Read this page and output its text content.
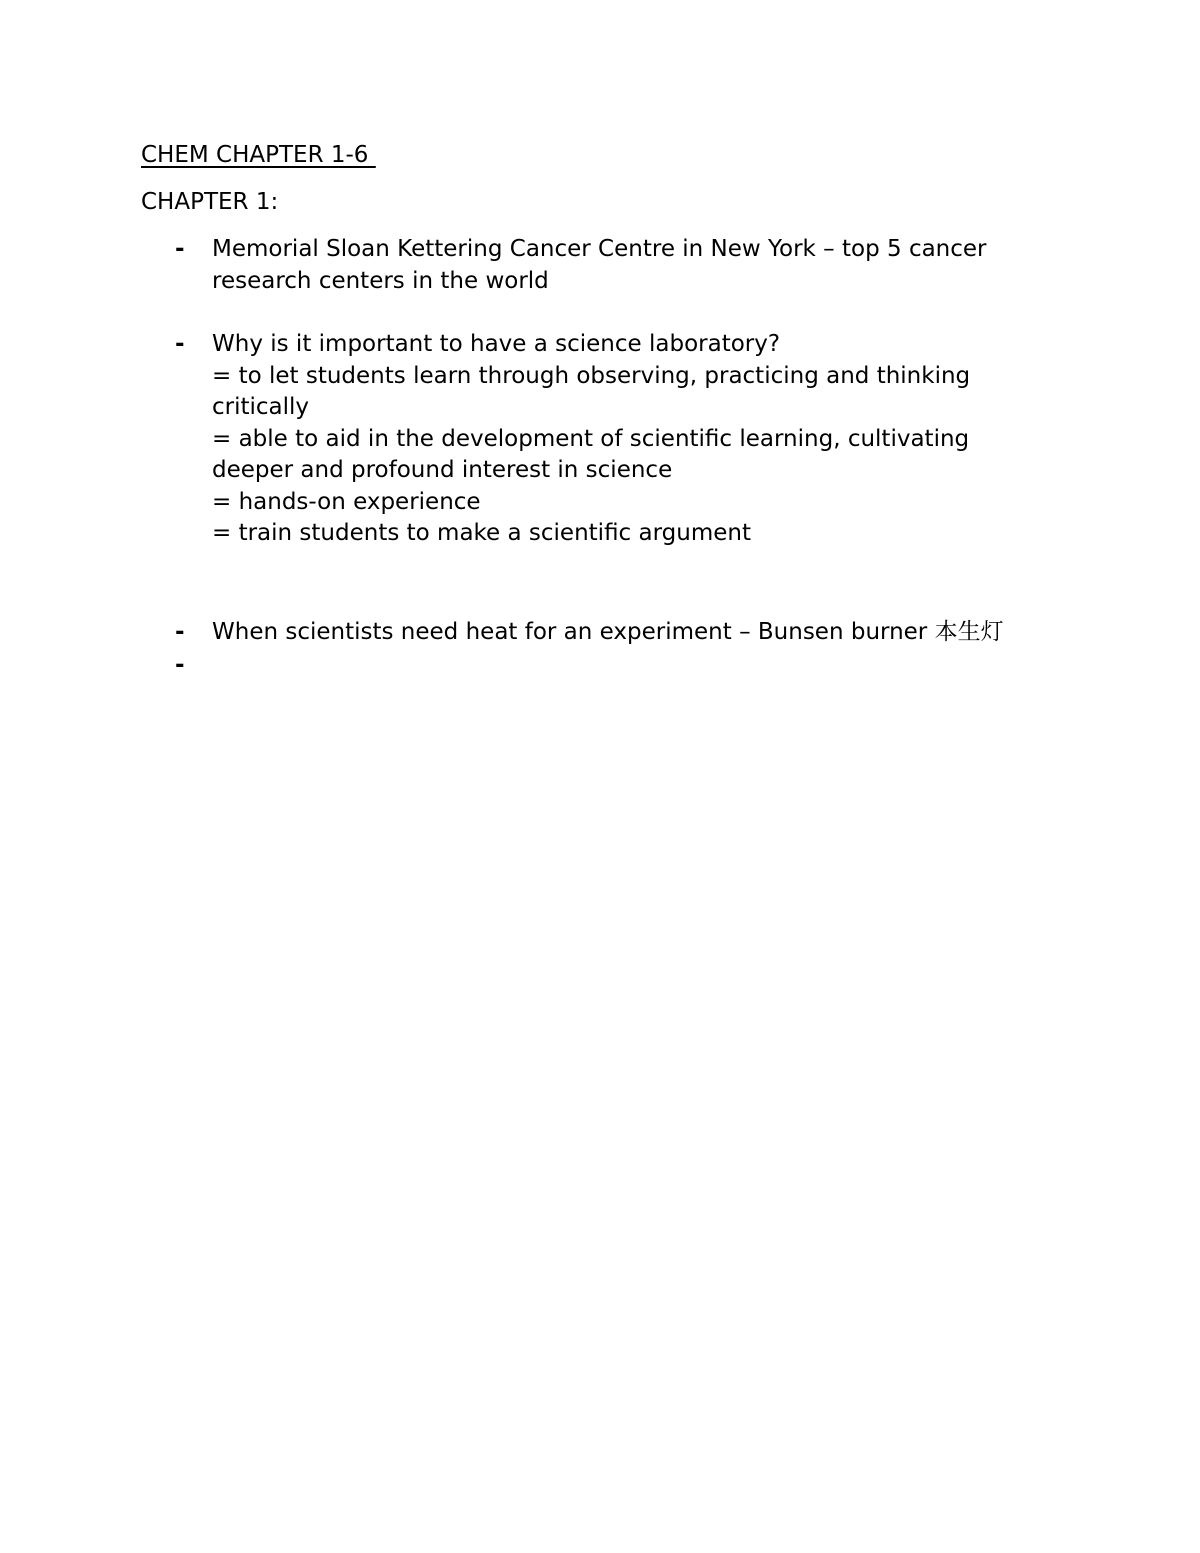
CHEM CHAPTER 1-6
CHAPTER 1:
- Memorial Sloan Kettering Cancer Centre in New York – top 5 cancer
research centers in the world
- Why is it important to have a science laboratory?
= to let students learn through observing, practicing and thinking
critically
= able to aid in the development of scientific learning, cultivating
deeper and profound interest in science
= hands-on experience
= train students to make a scientific argument
- When scientists need heat for an experiment – Bunsen burner 本生灯
-
